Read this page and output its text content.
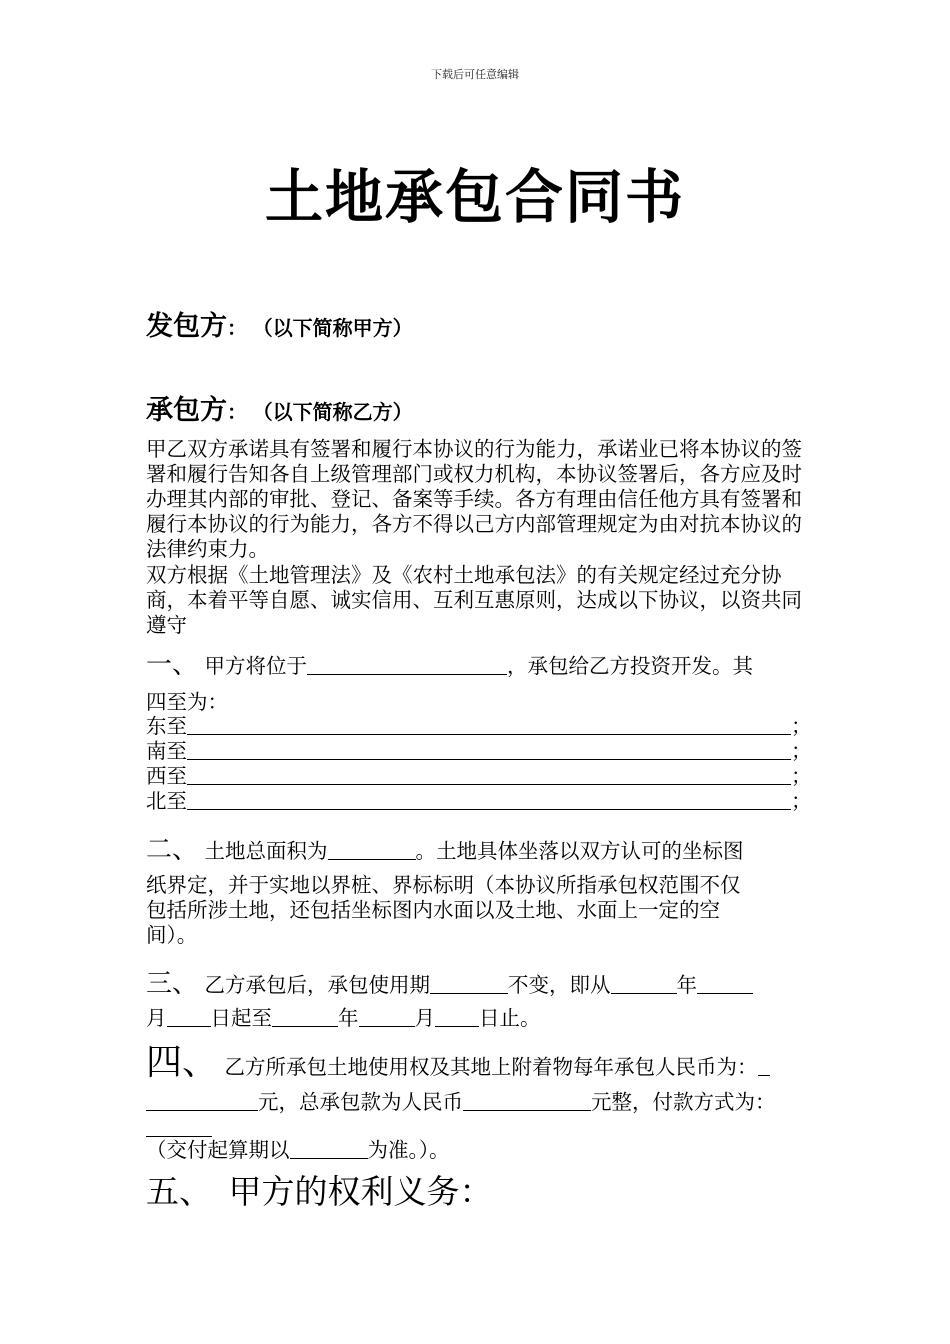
下载后可任意编辑
土地承包合同书
发包方： （以下简称甲方）
承包方： （以下简称乙方）
甲乙双方承诺具有签署和履行本协议的行为能力，承诺业已将本协议的签署和履行告知各自上级管理部门或权力机构，本协议签署后，各方应及时办理其内部的审批、登记、备案等手续。各方有理由信任他方具有签署和履行本协议的行为能力，各方不得以己方内部管理规定为由对抗本协议的法律约束力。
双方根据《土地管理法》及《农村土地承包法》的有关规定经过充分协商，本着平等自愿、诚实信用、互利互惠原则，达成以下协议，以资共同遵守
一、 甲方将位于	，承包给乙方投资开发。其
四至为：
东至	；
南至	；
西至	；
北至	；
二、 土地总面积为	。土地具体坐落以双方认可的坐标图
纸界定，并于实地以界桩、界标标明（本协议所指承包权范围不仅
包括所涉土地，还包括坐标图内水面以及土地、水面上一定的空
间）。
三、 乙方承包后，承包使用期	不变，即从	年
月 日起至	年	月 日止。
四、 乙方所承包土地使用权及其地上附着物每年承包人民币为：
元，总承包款为人民币	元整，付款方式为：
（交付起算期以	为准。）。
五、　甲方的权利义务：
